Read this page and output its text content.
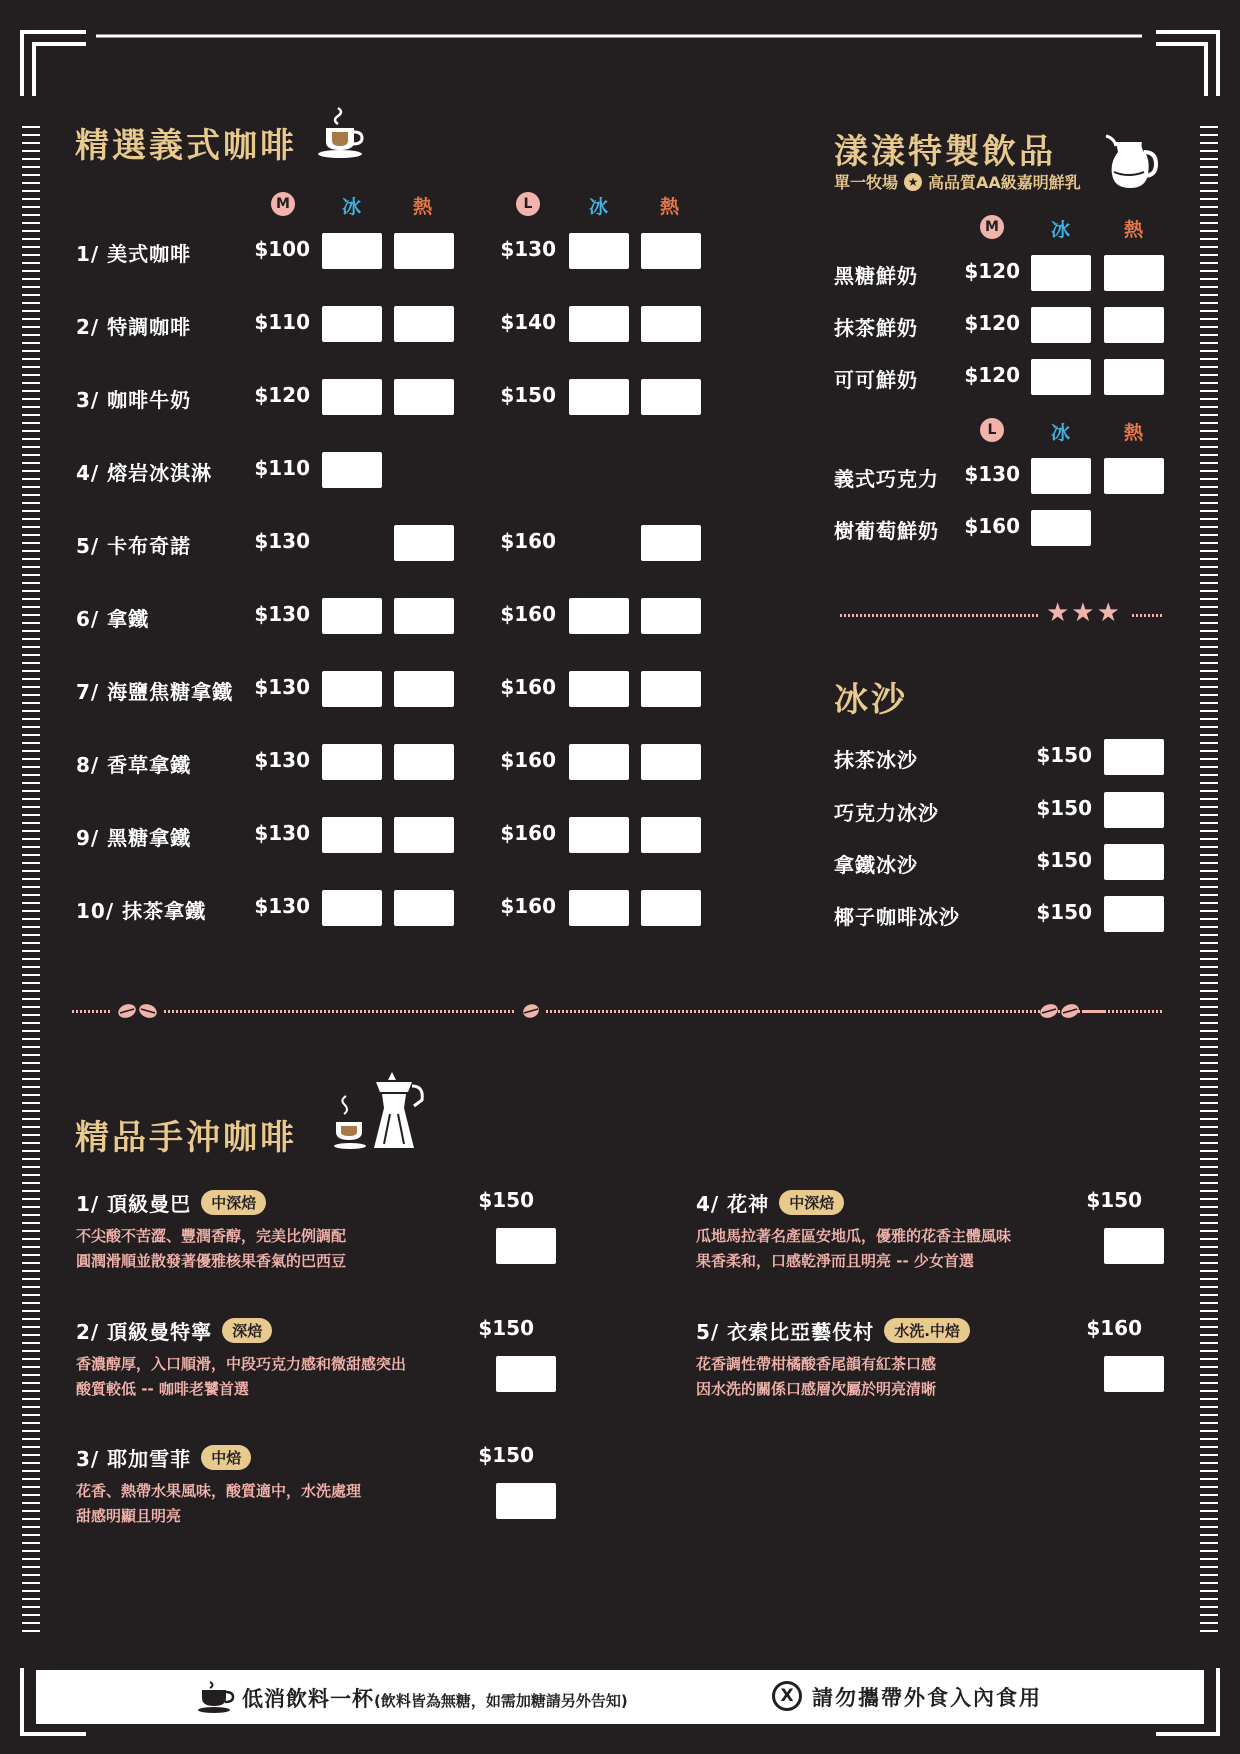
精選義式咖啡
M	冰	熱	L	冰	熱
1/ 美式咖啡	$100	$130
2/ 特調咖啡	$110	$140
3/ 咖啡牛奶	$120	$150
4/ 熔岩冰淇淋	$110
5/ 卡布奇諾	$130	$160
6/ 拿鐵	$130	$160
7/ 海鹽焦糖拿鐵	$130	$160
8/ 香草拿鐵	$130	$160
9/ 黑糖拿鐵	$130	$160
10/ 抹茶拿鐵	$130	$160
漾漾特製飲品
單一牧場 ★ 高品質AA級嘉明鮮乳
M	冰	熱
黑糖鮮奶	$120
抹茶鮮奶	$120
可可鮮奶	$120
L	冰	熱
義式巧克力	$130
樹葡萄鮮奶	$160
★★★
冰沙
抹茶冰沙	$150
巧克力冰沙	$150
拿鐵冰沙	$150
椰子咖啡冰沙	$150
精品手沖咖啡
1/ 頂級曼巴	中深焙	$150
不尖酸不苦澀、豐潤香醇，完美比例調配
圓潤滑順並散發著優雅核果香氣的巴西豆
2/ 頂級曼特寧	深焙	$150
香濃醇厚，入口順滑，中段巧克力感和微甜感突出
酸質較低 -- 咖啡老饕首選
3/ 耶加雪菲	中焙	$150
花香、熱帶水果風味，酸質適中，水洗處理
甜感明顯且明亮
4/ 花神	中深焙	$150
瓜地馬拉著名產區安地瓜，優雅的花香主體風味
果香柔和，口感乾淨而且明亮 -- 少女首選
5/ 衣索比亞藝伎村	水洗.中焙	$160
花香調性帶柑橘酸香尾韻有紅茶口感
因水洗的關係口感層次屬於明亮清晰
低消飲料一杯(飲料皆為無糖，如需加糖請另外告知)	X 請勿攜帶外食入內食用
